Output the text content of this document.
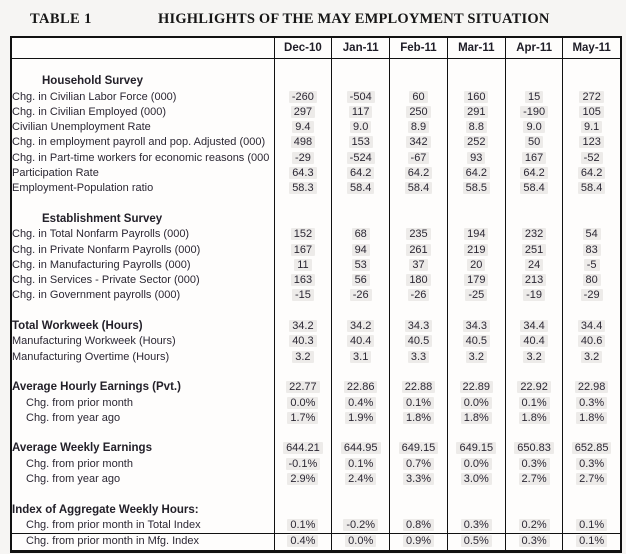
TABLE 1	HIGHLIGHTS OF THE MAY EMPLOYMENT SITUATION
	Dec-10	Jan-11	Feb-11	Mar-11	Apr-11	May-11

Household Survey						
Chg. in Civilian Labor Force (000)	-260	-504	60	160	15	272
Chg. in Civilian Employed (000)	297	117	250	291	-190	105
Civilian Unemployment Rate	9.4	9.0	8.9	8.8	9.0	9.1
Chg. in employment payroll and pop. Adjusted (000)	498	153	342	252	50	123
Chg. in Part-time workers for economic reasons (000	-29	-524	-67	93	167	-52
Participation Rate	64.3	64.2	64.2	64.2	64.2	64.2
Employment-Population ratio	58.3	58.4	58.4	58.5	58.4	58.4

Establishment Survey						
Chg. in Total Nonfarm Payrolls (000)	152	68	235	194	232	54
Chg. in Private Nonfarm Payrolls (000)	167	94	261	219	251	83
Chg. in Manufacturing Payrolls (000)	11	53	37	20	24	-5
Chg. in Services - Private Sector (000)	163	56	180	179	213	80
Chg. in Government payrolls (000)	-15	-26	-26	-25	-19	-29

Total Workweek (Hours)	34.2	34.2	34.3	34.3	34.4	34.4
Manufacturing Workweek (Hours)	40.3	40.4	40.5	40.5	40.4	40.6
Manufacturing Overtime (Hours)	3.2	3.1	3.3	3.2	3.2	3.2

Average Hourly Earnings (Pvt.)	22.77	22.86	22.88	22.89	22.92	22.98
Chg. from prior month	0.0%	0.4%	0.1%	0.0%	0.1%	0.3%
Chg. from year ago	1.7%	1.9%	1.8%	1.8%	1.8%	1.8%

Average Weekly Earnings	644.21	644.95	649.15	649.15	650.83	652.85
Chg. from prior month	-0.1%	0.1%	0.7%	0.0%	0.3%	0.3%
Chg. from year ago	2.9%	2.4%	3.3%	3.0%	2.7%	2.7%

Index of Aggregate Weekly Hours:						
Chg. from prior month in Total Index	0.1%	-0.2%	0.8%	0.3%	0.2%	0.1%
Chg. from prior month in Mfg. Index	0.4%	0.0%	0.9%	0.5%	0.3%	0.1%
